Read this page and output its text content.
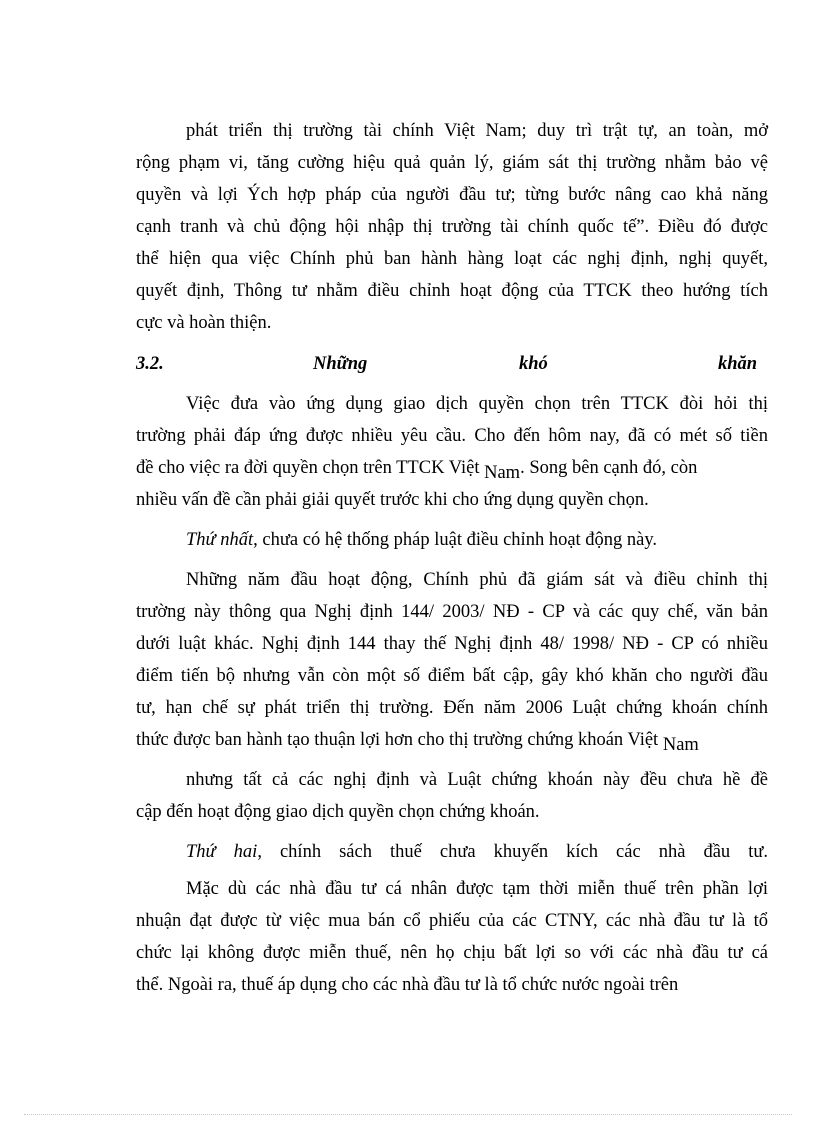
phát triển thị trường tài chính Việt Nam; duy trì trật tự, an toàn, mở
rộng phạm vi, tăng cường hiệu quả quản lý, giám sát thị trường nhằm bảo vệ
quyền và lợi Ých hợp pháp của người đầu tư; từng bước nâng cao khả năng
cạnh tranh và chủ động hội nhập thị trường tài chính quốc tế”. Điều đó được
thể hiện qua việc Chính phủ ban hành hàng loạt các nghị định, nghị quyết,
quyết định, Thông tư nhằm điều chỉnh hoạt động của TTCK theo hướng tích
cực và hoàn thiện.
3.2.	Những	khó	khăn
Việc đưa vào ứng dụng giao dịch quyền chọn trên TTCK đòi hỏi thị
trường phải đáp ứng được nhiều yêu cầu. Cho đến hôm nay, đã có mét số tiền
đề cho việc ra đời quyền chọn trên TTCK Việt Nam. Song bên cạnh đó, còn
nhiều vấn đề cần phải giải quyết trước khi cho ứng dụng quyền chọn.
Thứ nhất, chưa có hệ thống pháp luật điều chỉnh hoạt động này.
Những năm đầu hoạt động, Chính phủ đã giám sát và điều chỉnh thị
trường này thông qua Nghị định 144/ 2003/ NĐ - CP và các quy chế, văn bản
dưới luật khác. Nghị định 144 thay thế Nghị định 48/ 1998/ NĐ - CP có nhiều
điểm tiến bộ nhưng vẫn còn một số điểm bất cập, gây khó khăn cho người đầu
tư, hạn chế sự phát triển thị trường. Đến năm 2006 Luật chứng khoán chính
thức được ban hành tạo thuận lợi hơn cho thị trường chứng khoán Việt Nam
nhưng tất cả các nghị định và Luật chứng khoán này đều chưa hề đề
cập đến hoạt động giao dịch quyền chọn chứng khoán.
Thứ hai, chính sách thuế chưa khuyến kích các nhà đầu tư.
Mặc dù các nhà đầu tư cá nhân được tạm thời miễn thuế trên phần lợi
nhuận đạt được từ việc mua bán cổ phiếu của các CTNY, các nhà đầu tư là tổ
chức lại không được miễn thuế, nên họ chịu bất lợi so với các nhà đầu tư cá
thể. Ngoài ra, thuế áp dụng cho các nhà đầu tư là tổ chức nước ngoài trên
